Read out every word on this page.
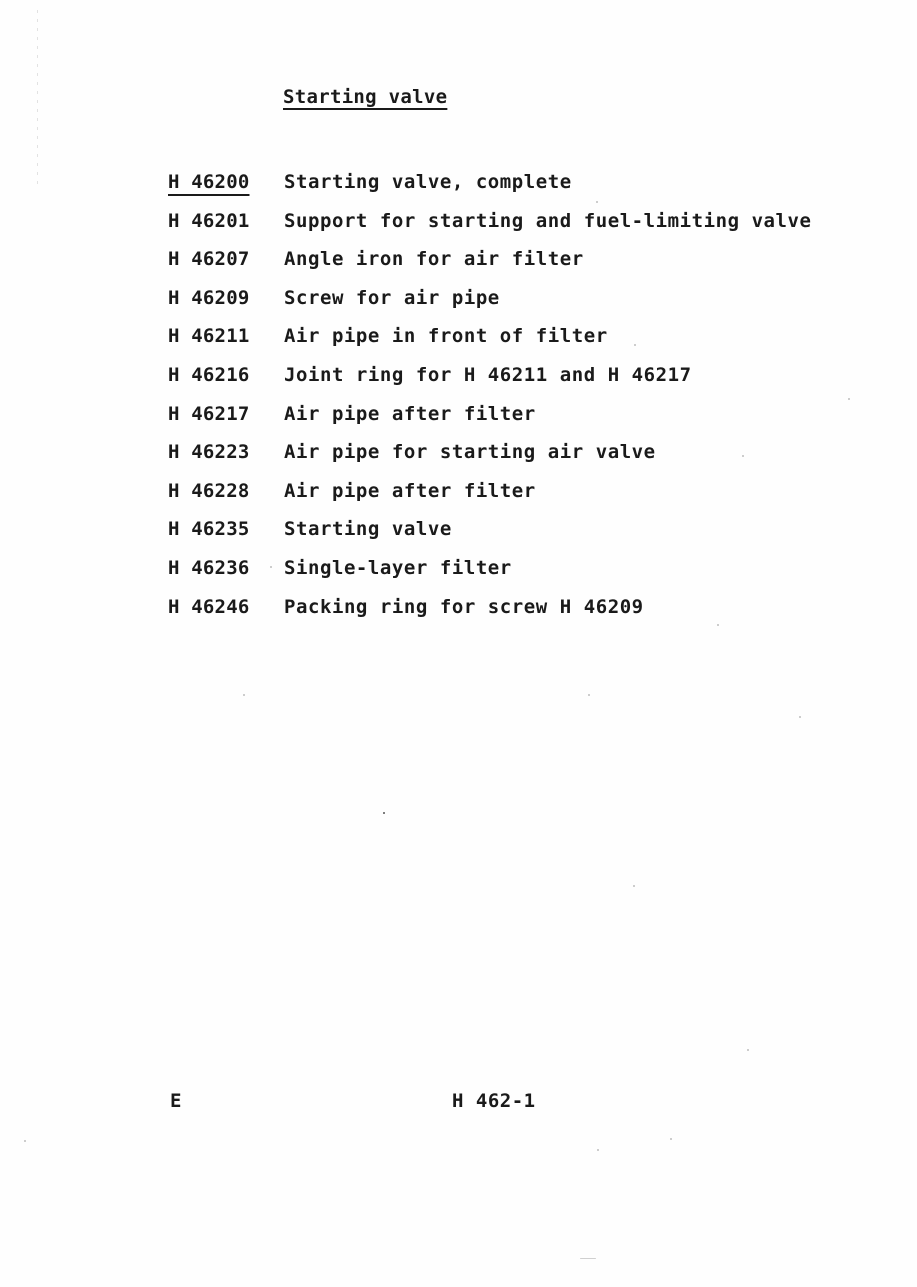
Starting valve
H 46200	Starting valve, complete
H 46201	Support for starting and fuel-limiting valve
H 46207	Angle iron for air filter
H 46209	Screw for air pipe
H 46211	Air pipe in front of filter
H 46216	Joint ring for H 46211 and H 46217
H 46217	Air pipe after filter
H 46223	Air pipe for starting air valve
H 46228	Air pipe after filter
H 46235	Starting valve
H 46236	Single-layer filter
H 46246	Packing ring for screw H 46209
E	H 462-1
